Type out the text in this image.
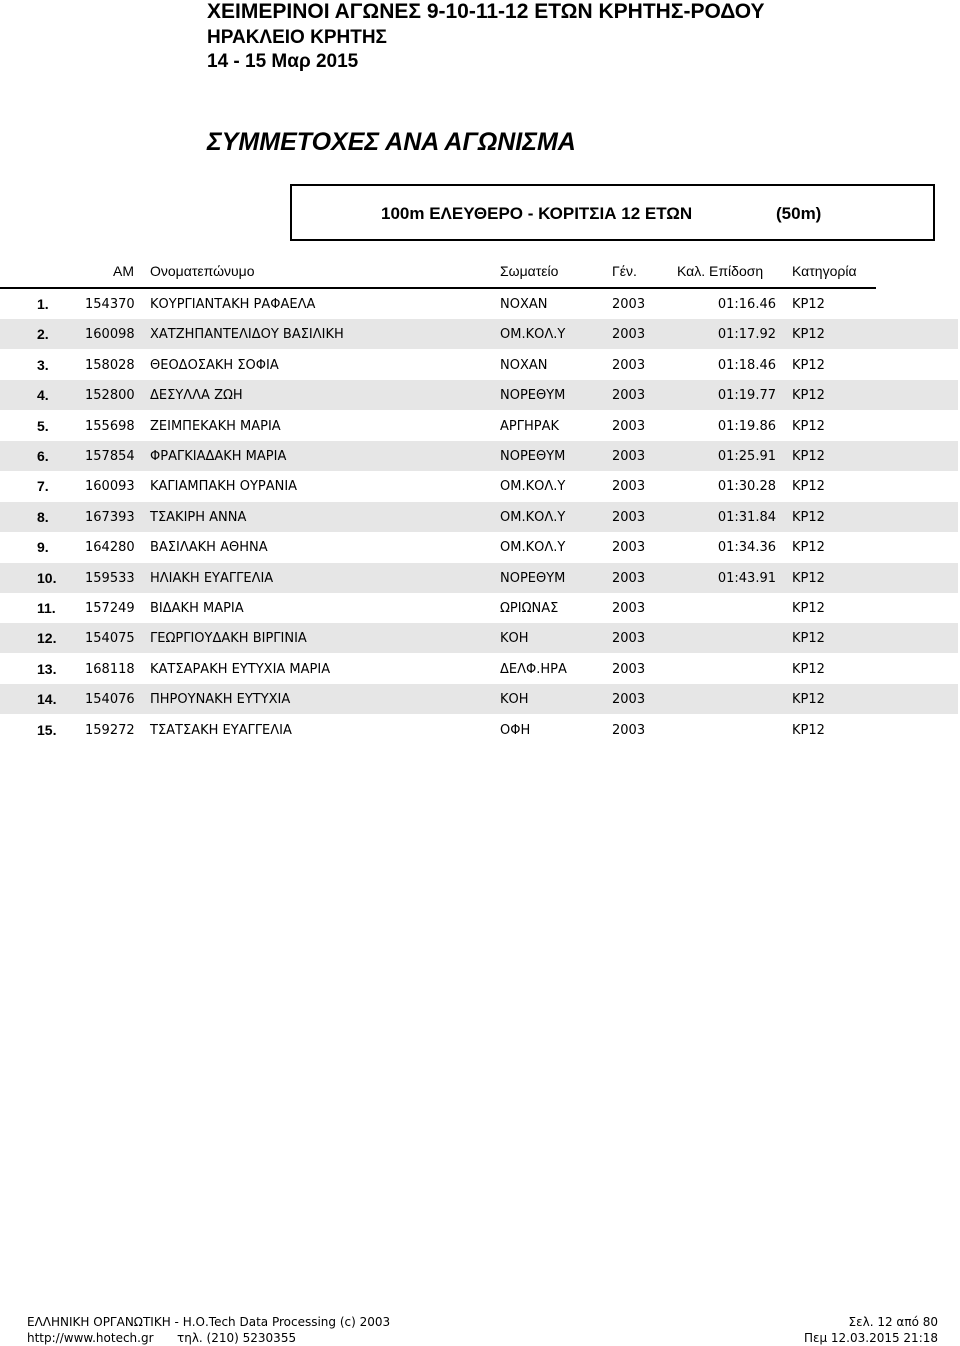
ΧΕΙΜΕΡΙΝΟΙ ΑΓΩΝΕΣ 9-10-11-12 ΕΤΩΝ ΚΡΗΤΗΣ-ΡΟΔΟΥ
ΗΡΑΚΛΕΙΟ ΚΡΗΤΗΣ
14 - 15 Μαρ 2015
ΣΥΜΜΕΤΟΧΕΣ ΑΝΑ ΑΓΩΝΙΣΜΑ
100m ΕΛΕΥΘΕΡΟ - ΚΟΡΙΤΣΙΑ 12 ΕΤΩΝ	(50m)
ΑΜ Ονοματεπώνυμο	Σωματείο	Γέν.	Καλ. Επίδοση Κατηγορία
1.	154370 ΚΟΥΡΓΙΑΝΤΑΚΗ ΡΑΦΑΕΛΑ	ΝΟΧΑΝ	2003	01:16.46 ΚΡ12
2.	160098 ΧΑΤΖΗΠΑΝΤΕΛΙΔΟΥ ΒΑΣΙΛΙΚΗ	ΟΜ.ΚΟΛ.Υ	2003	01:17.92 ΚΡ12
3.	158028 ΘΕΟΔΟΣΑΚΗ ΣΟΦΙΑ	ΝΟΧΑΝ	2003	01:18.46 ΚΡ12
4.	152800 ΔΕΣΥΛΛΑ ΖΩΗ	ΝΟΡΕΘΥΜ	2003	01:19.77 ΚΡ12
5.	155698 ΖΕΙΜΠΕΚΑΚΗ ΜΑΡΙΑ	ΑΡΓΗΡΑΚ	2003	01:19.86 ΚΡ12
6.	157854 ΦΡΑΓΚΙΑΔΑΚΗ ΜΑΡΙΑ	ΝΟΡΕΘΥΜ	2003	01:25.91 ΚΡ12
7.	160093 ΚΑΓΙΑΜΠΑΚΗ ΟΥΡΑΝΙΑ	ΟΜ.ΚΟΛ.Υ	2003	01:30.28 ΚΡ12
8.	167393 ΤΣΑΚΙΡΗ ΑΝΝΑ	ΟΜ.ΚΟΛ.Υ	2003	01:31.84 ΚΡ12
9.	164280 ΒΑΣΙΛΑΚΗ ΑΘΗΝΑ	ΟΜ.ΚΟΛ.Υ	2003	01:34.36 ΚΡ12
10. 159533 ΗΛΙΑΚΗ ΕΥΑΓΓΕΛΙΑ	ΝΟΡΕΘΥΜ	2003	01:43.91 ΚΡ12
11. 157249 ΒΙΔΑΚΗ ΜΑΡΙΑ	ΩΡΙΩΝΑΣ	2003	ΚΡ12
12. 154075 ΓΕΩΡΓΙΟΥΔΑΚΗ ΒΙΡΓΙΝΙΑ	ΚΟΗ	2003	ΚΡ12
13. 168118 ΚΑΤΣΑΡΑΚΗ ΕΥΤΥΧΙΑ ΜΑΡΙΑ	ΔΕΛΦ.ΗΡΑ	2003	ΚΡ12
14. 154076 ΠΗΡΟΥΝΑΚΗ ΕΥΤΥΧΙΑ	ΚΟΗ	2003	ΚΡ12
15. 159272 ΤΣΑΤΣΑΚΗ ΕΥΑΓΓΕΛΙΑ	ΟΦΗ	2003	ΚΡ12
ΕΛΛΗΝΙΚΗ ΟΡΓΑΝΩΤΙΚΗ - Η.Ο.Tech Data Processing (c) 2003
http://www.hotech.gr τηλ. (210) 5230355
Σελ. 12 από 80
Πεμ 12.03.2015 21:18
